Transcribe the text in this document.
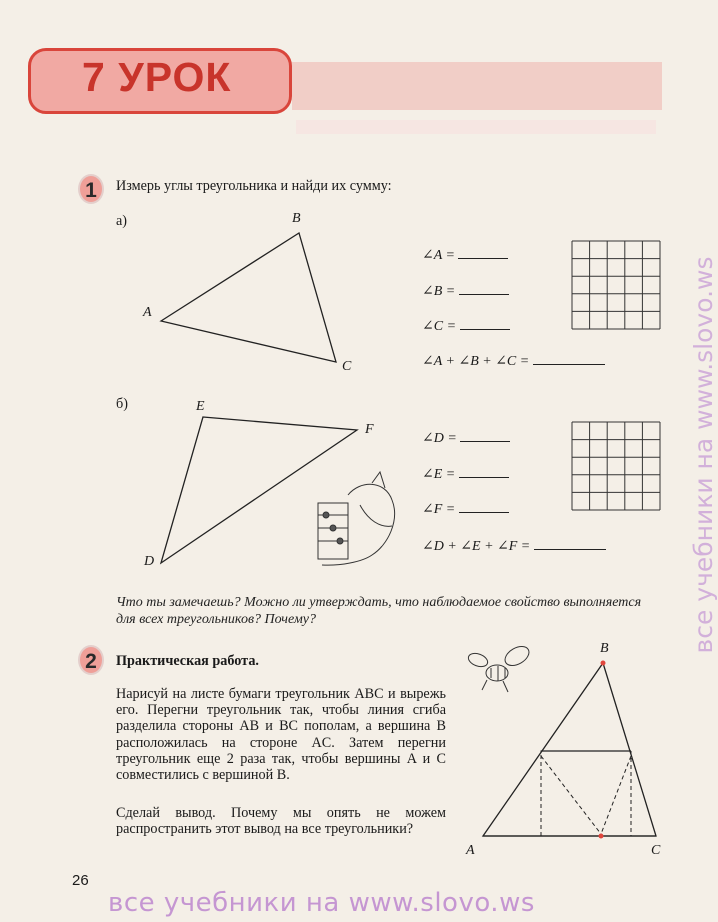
7 УРОК
1	Измерь углы треугольника и найди их сумму:
а)
A
B
C
∠A =
∠B =
∠C =
∠A + ∠B + ∠C =
б)
D
E
F
∠D =
∠E =
∠F =
∠D + ∠E + ∠F =
Что ты замечаешь? Можно ли утверждать, что наблюдаемое свойство выполняется для всех треугольников? Почему?
2	Практическая работа.
Нарисуй на листе бумаги треугольник ABC и вырежь его. Перегни треугольник так, чтобы линия сгиба разделила стороны AB и BC пополам, а вершина B расположилась на стороне AC. Затем перегни треугольник еще 2 раза так, чтобы вершины A и C совместились с вершиной B.
Сделай вывод. Почему мы опять не можем распространить этот вывод на все треугольники?
A
B
C
26
все учебники на www.slovo.ws
все учебники на www.slovo.ws
